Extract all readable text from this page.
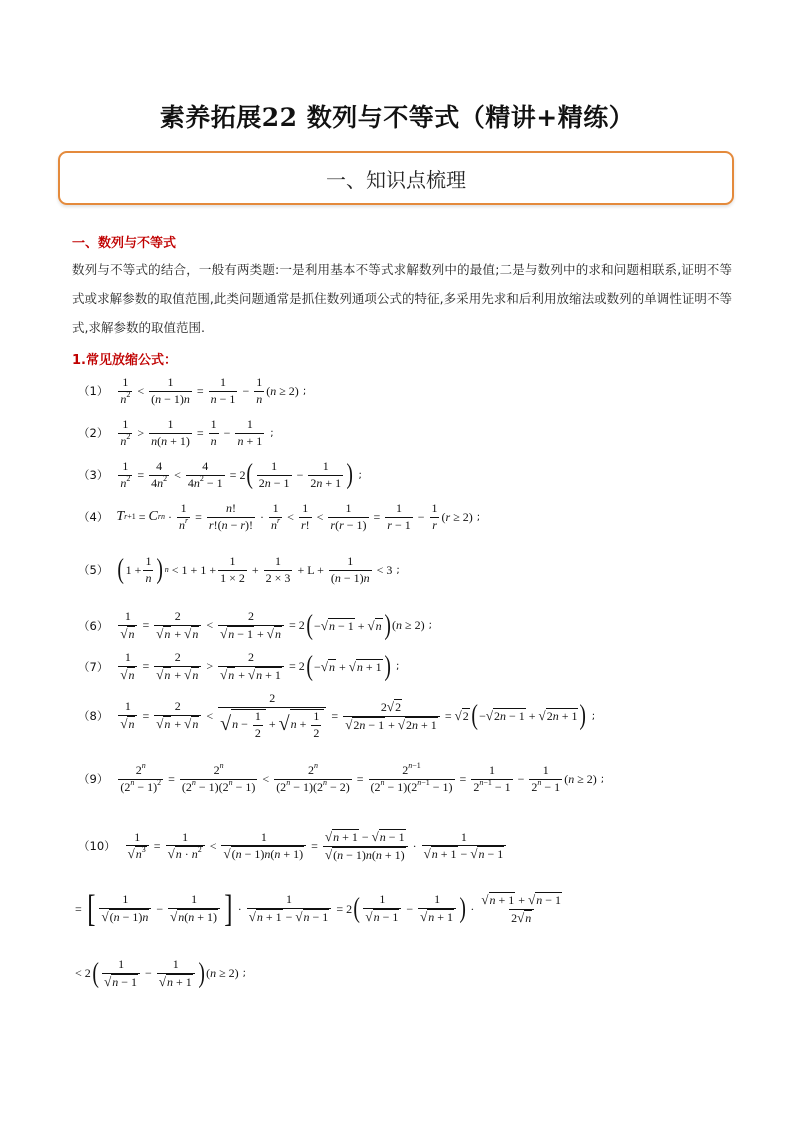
素养拓展22 数列与不等式（精讲+精练）
一、知识点梳理
一、数列与不等式
数列与不等式的结合，一般有两类题:一是利用基本不等式求解数列中的最值;二是与数列中的求和问题相联系,证明不等式或求解参数的取值范围,此类问题通常是抓住数列通项公式的特征,多采用先求和后利用放缩法或数列的单调性证明不等式,求解参数的取值范围.
1.常见放缩公式：
（1）
1
$n^2 < \frac{1}{(n - 1)n} = \frac{1}{n - 1} - \frac{1}{n} (n \ge 2)$ ;
（2）
1
$n^2 > \frac{1}{n(n + 1)} = \frac{1}{n} - \frac{1}{n + 1}$ ;
$(3) \frac{1}{n^2} = \frac{4}{4n^2} < \frac{4}{4n^2 - 1} = 2$ ( 1
2n − 1
− $\frac{1}{2n + 1}$ ) ;
（4） T r+1 = C r $n \cdot \frac{1}{n^r} = \frac{n!}{r!(n - r)!}$ ·
1
$n^r$ <
1
r!
< $\frac{1}{r(r - 1)} = \frac{1}{r - 1} - \frac{1}{r} (r \ge 2)$ ;
（5） ( $1 + \frac{1}{n}$ ) $n < 1 + 1 + \frac{1}{1 \times 2} + \frac{1}{2 \times 3} + L + \frac{1}{(n - 1)n} < 3$ ;
$(6) \frac{1}{√n} = \frac{2}{√n + √n} < \frac{2}{√n - 1 + √n} = 2$ ( −√n − 1 + √n ) (n ≥ 2) ;
$(7) \frac{1}{√n} = \frac{2}{√n + √n} > \frac{2}{√n + √n + 1} = 2$ ( −√n + √n + 1 ) ;
$(8) \frac{1}{√n} = \frac{2}{√n + √n} < 2$
√ n −
1
2
+ √ n +
1
$2 = \frac{2√2}{√2n - 1 + √2n + 1} = √2$ ( −√2n − 1 + √2n + 1 ) ;
$(9) \frac{2^n}{(2^n - 1)^2} = \frac{2^n}{(2^n - 1)(2^n - 1)} < \frac{2^n}{(2^n - 1)(2^n - 2)} = \frac{2^{n-1}}{(2^n - 1)(2^{n-1} - 1)} = \frac{1}{2^{n-1} - 1} - \frac{1}{2^n - 1} (n \ge 2)$ ;
$(10) \frac{1}{√n^3} = \frac{1}{√n \cdot n^2} < \frac{1}{√(n - 1)n(n + 1)} = \frac{√n + 1 - √n - 1}{√(n - 1)n(n + 1)}$ ·
1
√n + 1 − √n − 1
= [ 1
√(n − 1)n
− $\frac{1}{√n(n + 1)}$ ] · $\frac{1}{√n + 1 - √n - 1} = 2$ ( 1
√n − 1
− $\frac{1}{√n + 1}$ ) ·
√n + 1 + √n − 1
2√n
< 2 ( 1
√n − 1
− $\frac{1}{√n + 1}$ ) (n ≥ 2) ;
